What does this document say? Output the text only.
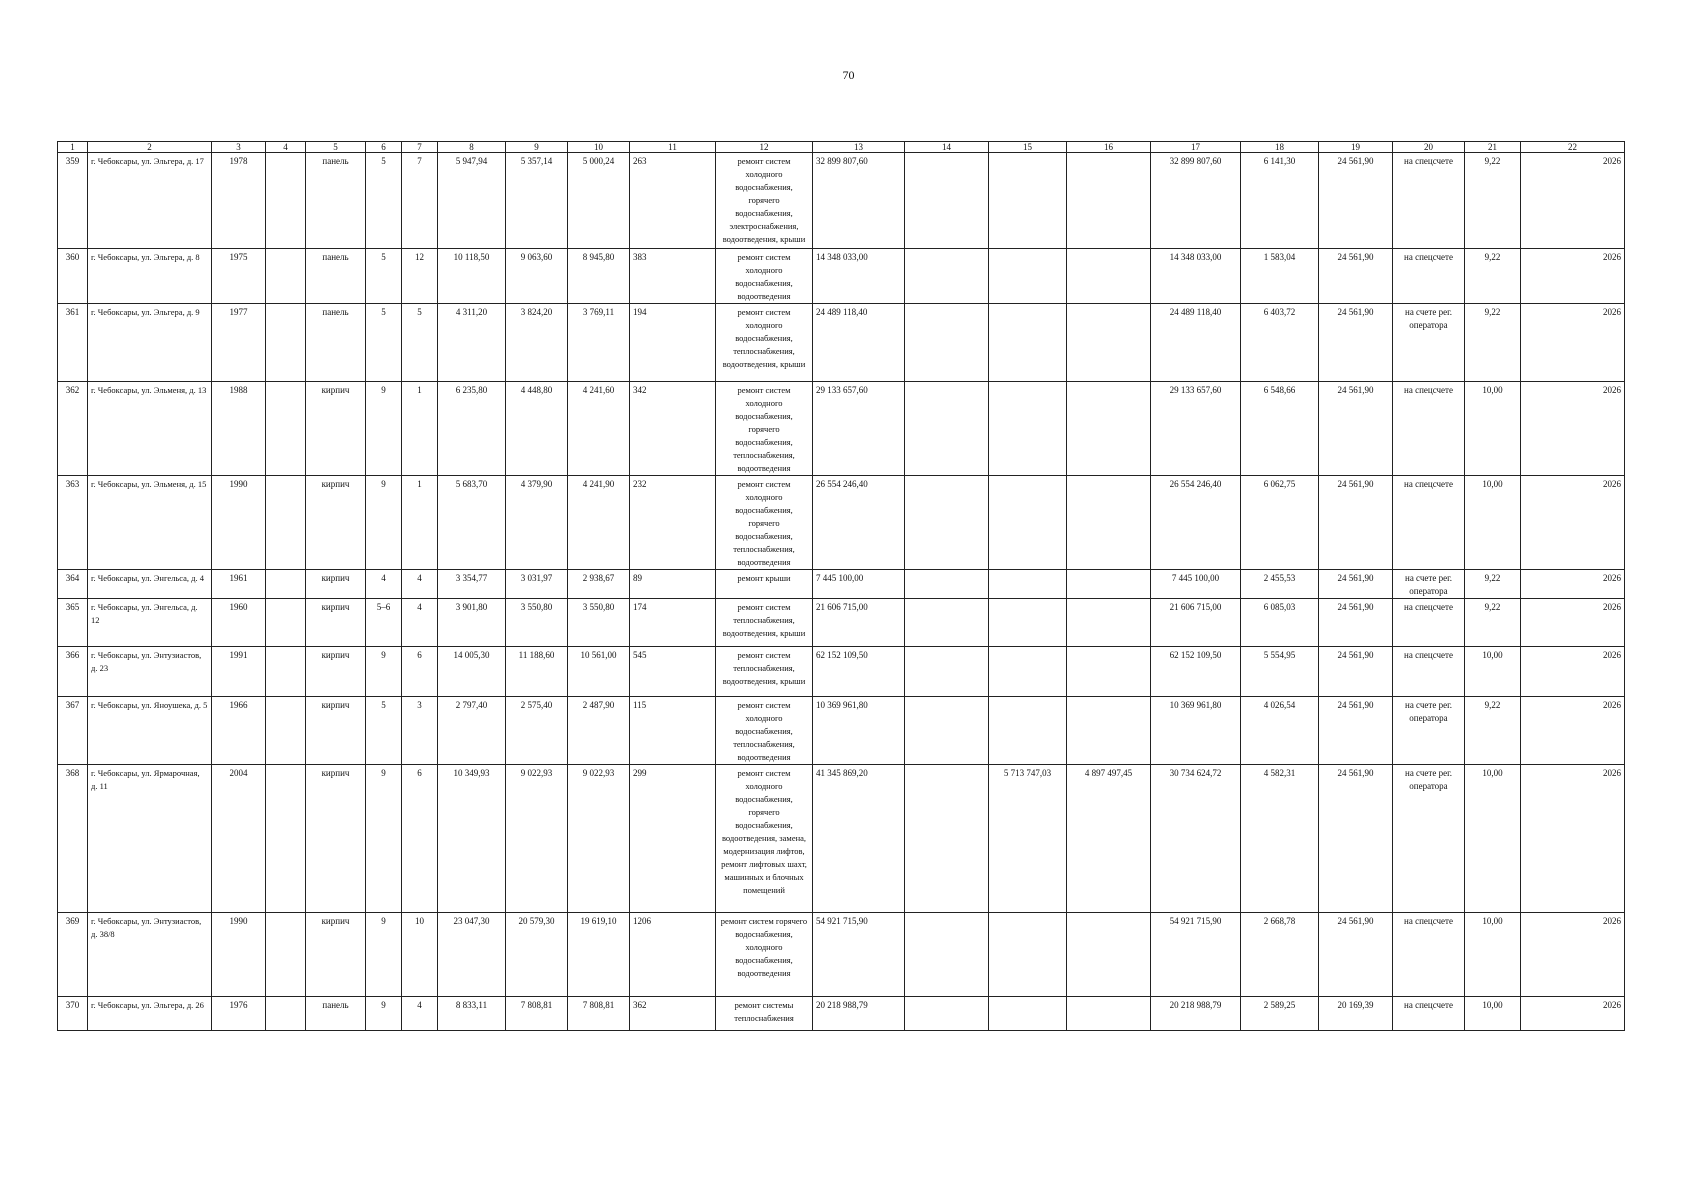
70
1	2	3	4	5	6	7	8	9	10	11	12	13	14	15	16	17	18	19	20	21	22
359	г. Чебоксары, ул. Эльгера, д. 17	1978		панель	5	7	5 947,94	5 357,14	5 000,24	263	ремонт систем холодного водоснабжения, горячего водоснабжения, электроснабжения, водоотведения, крыши	32 899 807,60				32 899 807,60	6 141,30	24 561,90	на спецсчете	9,22	2026
360	г. Чебоксары, ул. Эльгера, д. 8	1975		панель	5	12	10 118,50	9 063,60	8 945,80	383	ремонт систем холодного водоснабжения, водоотведения	14 348 033,00				14 348 033,00	1 583,04	24 561,90	на спецсчете	9,22	2026
361	г. Чебоксары, ул. Эльгера, д. 9	1977		панель	5	5	4 311,20	3 824,20	3 769,11	194	ремонт систем холодного водоснабжения, теплоснабжения, водоотведения, крыши	24 489 118,40				24 489 118,40	6 403,72	24 561,90	на счете рег. оператора	9,22	2026
362	г. Чебоксары, ул. Эльменя, д. 13	1988		кирпич	9	1	6 235,80	4 448,80	4 241,60	342	ремонт систем холодного водоснабжения, горячего водоснабжения, теплоснабжения, водоотведения	29 133 657,60				29 133 657,60	6 548,66	24 561,90	на спецсчете	10,00	2026
363	г. Чебоксары, ул. Эльменя, д. 15	1990		кирпич	9	1	5 683,70	4 379,90	4 241,90	232	ремонт систем холодного водоснабжения, горячего водоснабжения, теплоснабжения, водоотведения	26 554 246,40				26 554 246,40	6 062,75	24 561,90	на спецсчете	10,00	2026
364	г. Чебоксары, ул. Энгельса, д. 4	1961		кирпич	4	4	3 354,77	3 031,97	2 938,67	89	ремонт крыши	7 445 100,00				7 445 100,00	2 455,53	24 561,90	на счете рег. оператора	9,22	2026
365	г. Чебоксары, ул. Энгельса, д. 12	1960		кирпич	5–6	4	3 901,80	3 550,80	3 550,80	174	ремонт систем теплоснабжения, водоотведения, крыши	21 606 715,00				21 606 715,00	6 085,03	24 561,90	на спецсчете	9,22	2026
366	г. Чебоксары, ул. Энтузиастов, д. 23	1991		кирпич	9	6	14 005,30	11 188,60	10 561,00	545	ремонт систем теплоснабжения, водоотведения, крыши	62 152 109,50				62 152 109,50	5 554,95	24 561,90	на спецсчете	10,00	2026
367	г. Чебоксары, ул. Яноушека, д. 5	1966		кирпич	5	3	2 797,40	2 575,40	2 487,90	115	ремонт систем холодного водоснабжения, теплоснабжения, водоотведения	10 369 961,80				10 369 961,80	4 026,54	24 561,90	на счете рег. оператора	9,22	2026
368	г. Чебоксары, ул. Ярмарочная, д. 11	2004		кирпич	9	6	10 349,93	9 022,93	9 022,93	299	ремонт систем холодного водоснабжения, горячего водоснабжения, водоотведения, замена, модернизация лифтов, ремонт лифтовых шахт, машинных и блочных помещений	41 345 869,20		5 713 747,03	4 897 497,45	30 734 624,72	4 582,31	24 561,90	на счете рег. оператора	10,00	2026
369	г. Чебоксары, ул. Энтузиастов, д. 38/8	1990		кирпич	9	10	23 047,30	20 579,30	19 619,10	1206	ремонт систем горячего водоснабжения, холодного водоснабжения, водоотведения	54 921 715,90				54 921 715,90	2 668,78	24 561,90	на спецсчете	10,00	2026
370	г. Чебоксары, ул. Эльгера, д. 26	1976		панель	9	4	8 833,11	7 808,81	7 808,81	362	ремонт системы теплоснабжения	20 218 988,79				20 218 988,79	2 589,25	20 169,39	на спецсчете	10,00	2026
